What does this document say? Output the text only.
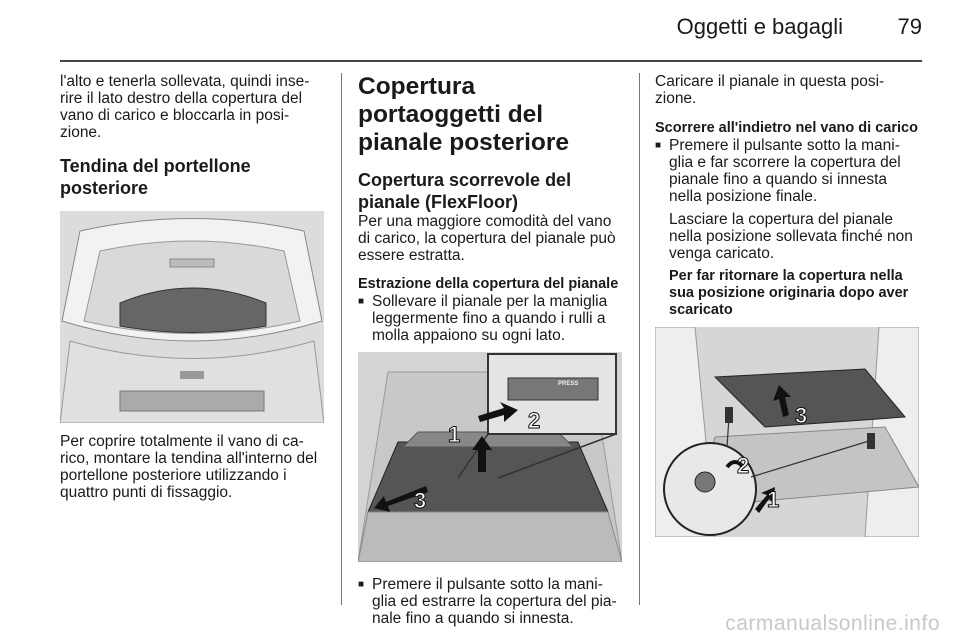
Oggetti e bagagli 79

l'alto e tenerla sollevata, quindi inse-rire il lato destro della copertura del vano di carico e bloccarla in posi-zione.

Tendina del portellone posteriore

Per coprire totalmente il vano di ca-rico, montare la tendina all'interno del portellone posteriore utilizzando i quattro punti di fissaggio.

Copertura portaoggetti del pianale posteriore
Copertura scorrevole del pianale (FlexFloor)

Per una maggiore comodità del vano di carico, la copertura del pianale può essere estratta.

Estrazione della copertura del pianale

■ Sollevare il pianale per la maniglia leggermente fino a quando i rulli a molla appaiono su ogni lato.
1
2
3
PRESS
■ Premere il pulsante sotto la mani-glia ed estrarre la copertura del pia-nale fino a quando si innesta.

Caricare il pianale in questa posi-zione.

Scorrere all'indietro nel vano di carico

■ Premere il pulsante sotto la mani-glia e far scorrere la copertura del pianale fino a quando si innesta nella posizione finale.
Lasciare la copertura del pianale nella posizione sollevata finché non venga caricato.
Per far ritornare la copertura nella sua posizione originaria dopo aver scaricato
1
2
3
carmanualsonline.info
